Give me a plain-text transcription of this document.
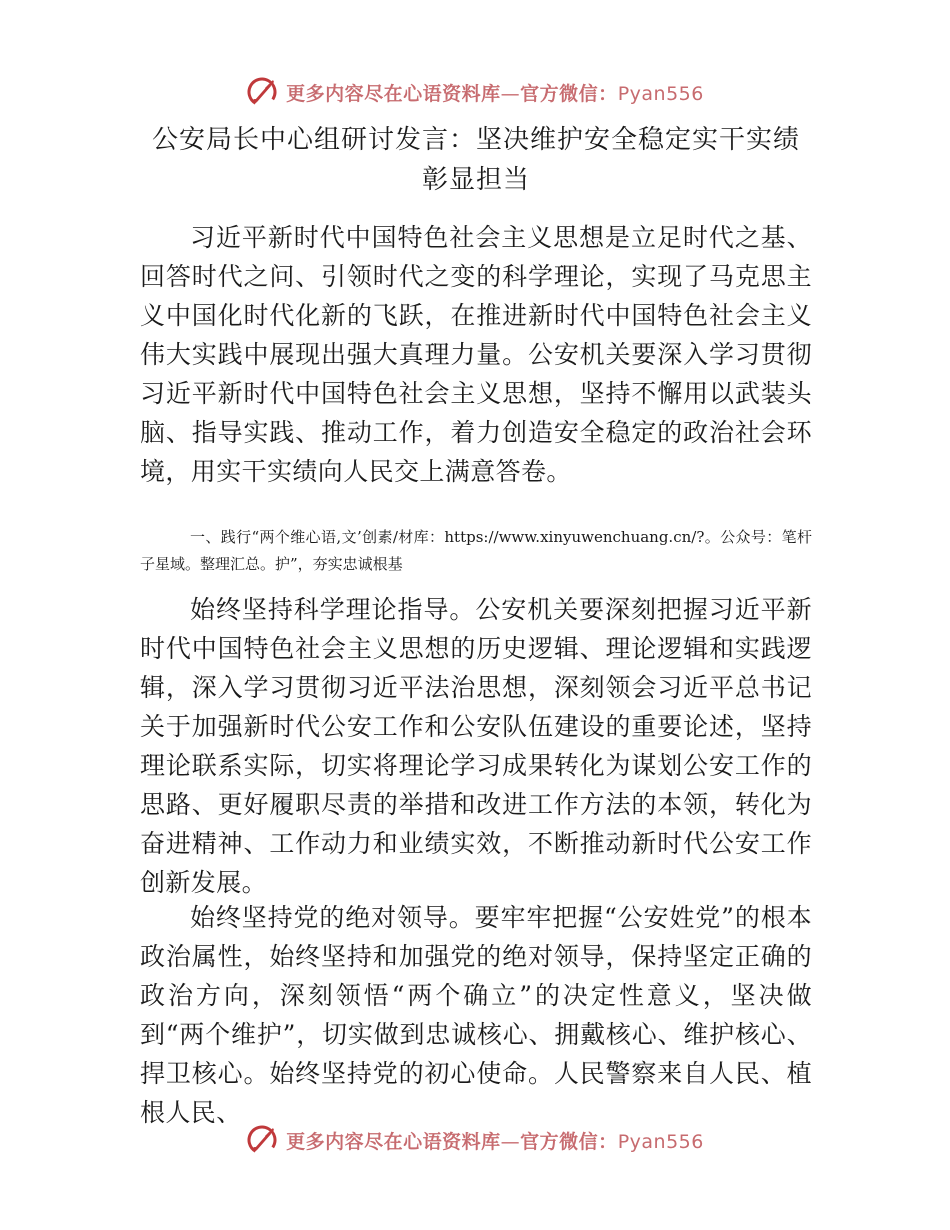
更多内容尽在心语资料库—官方微信：Pyan556
公安局长中心组研讨发言：坚决维护安全稳定实干实绩彰显担当

习近平新时代中国特色社会主义思想是立足时代之基、回答时代之问、引领时代之变的科学理论，实现了马克思主义中国化时代化新的飞跃，在推进新时代中国特色社会主义伟大实践中展现出强大真理力量。公安机关要深入学习贯彻习近平新时代中国特色社会主义思想，坚持不懈用以武装头脑、指导实践、推动工作，着力创造安全稳定的政治社会环境，用实干实绩向人民交上满意答卷。

一、践行“两个维心语,文’创素/材库：https://www.xinyuwenchuang.cn/?。公众号：笔杆子星域。整理汇总。护”，夯实忠诚根基

始终坚持科学理论指导。公安机关要深刻把握习近平新时代中国特色社会主义思想的历史逻辑、理论逻辑和实践逻辑，深入学习贯彻习近平法治思想，深刻领会习近平总书记关于加强新时代公安工作和公安队伍建设的重要论述，坚持理论联系实际，切实将理论学习成果转化为谋划公安工作的思路、更好履职尽责的举措和改进工作方法的本领，转化为奋进精神、工作动力和业绩实效，不断推动新时代公安工作创新发展。

始终坚持党的绝对领导。要牢牢把握“公安姓党”的根本政治属性，始终坚持和加强党的绝对领导，保持坚定正确的政治方向，深刻领悟“两个确立”的决定性意义，坚决做到“两个维护”，切实做到忠诚核心、拥戴核心、维护核心、捍卫核心。始终坚持党的初心使命。人民警察来自人民、植根人民、

更多内容尽在心语资料库—官方微信：Pyan556
